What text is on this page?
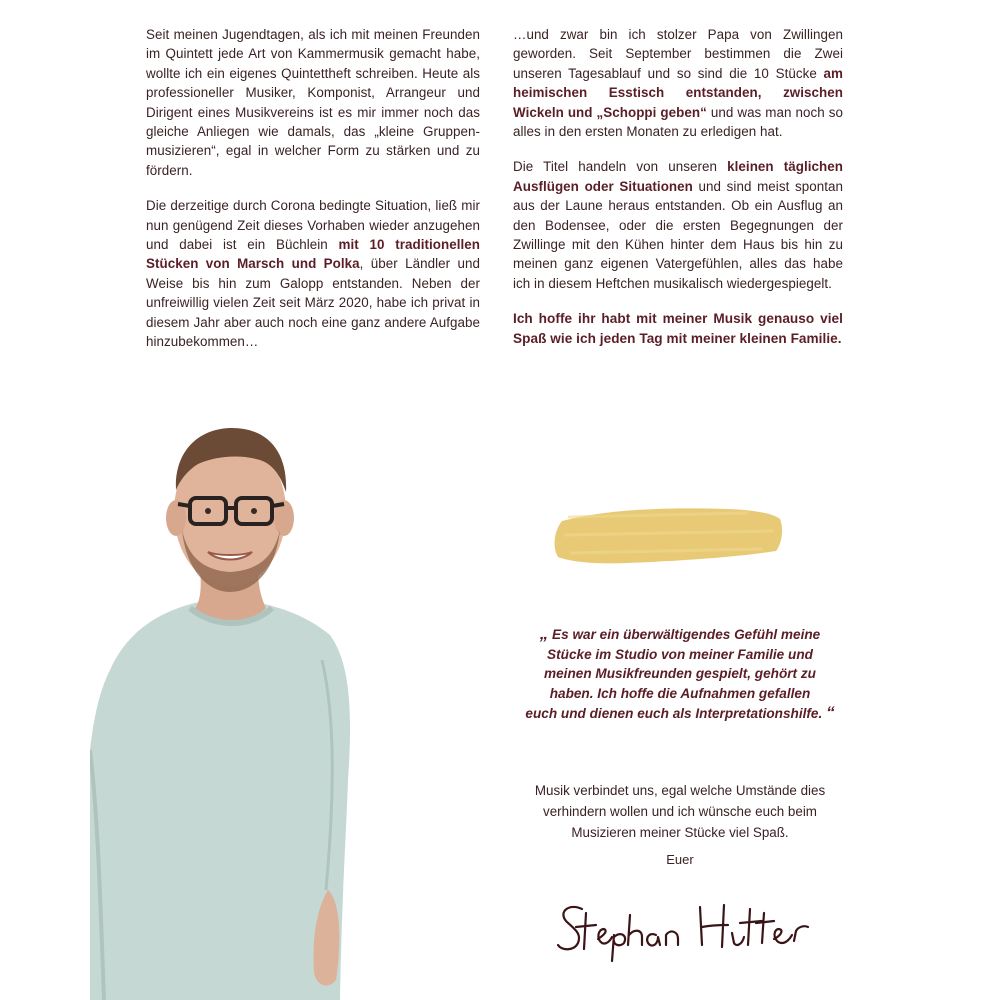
Seit meinen Jugendtagen, als ich mit meinen Freunden im Quintett jede Art von Kammermusik gemacht habe, wollte ich ein eigenes Quintettheft schreiben. Heute als professioneller Musiker, Komponist, Arrangeur und Dirigent eines Musikvereins ist es mir immer noch das gleiche Anliegen wie damals, das „kleine Gruppen-musizieren“, egal in welcher Form zu stärken und zu fördern.

Die derzeitige durch Corona bedingte Situation, ließ mir nun genügend Zeit dieses Vorhaben wieder anzugehen und dabei ist ein Büchlein mit 10 traditionellen Stücken von Marsch und Polka, über Ländler und Weise bis hin zum Galopp entstanden. Neben der unfreiwillig vielen Zeit seit März 2020, habe ich privat in diesem Jahr aber auch noch eine ganz andere Aufgabe hinzubekommen…

…und zwar bin ich stolzer Papa von Zwillingen geworden. Seit September bestimmen die Zwei unseren Tagesablauf und so sind die 10 Stücke am heimischen Esstisch entstanden, zwischen Wickeln und „Schoppi geben“ und was man noch so alles in den ersten Monaten zu erledigen hat.

Die Titel handeln von unseren kleinen täglichen Ausflügen oder Situationen und sind meist spontan aus der Laune heraus entstanden. Ob ein Ausflug an den Bodensee, oder die ersten Begegnungen der Zwillinge mit den Kühen hinter dem Haus bis hin zu meinen ganz eigenen Vatergefühlen, alles das habe ich in diesem Heftchen musikalisch wiedergespiegelt.

Ich hoffe ihr habt mit meiner Musik genauso viel Spaß wie ich jeden Tag mit meiner kleinen Familie.

„ Es war ein überwältigendes Gefühl meine
Stücke im Studio von meiner Familie und
meinen Musikfreunden gespielt, gehört zu
haben. Ich hoffe die Aufnahmen gefallen
euch und dienen euch als Interpretationshilfe. “
Musik verbindet uns, egal welche Umstände dies
verhindern wollen und ich wünsche euch beim
Musizieren meiner Stücke viel Spaß.
Euer
